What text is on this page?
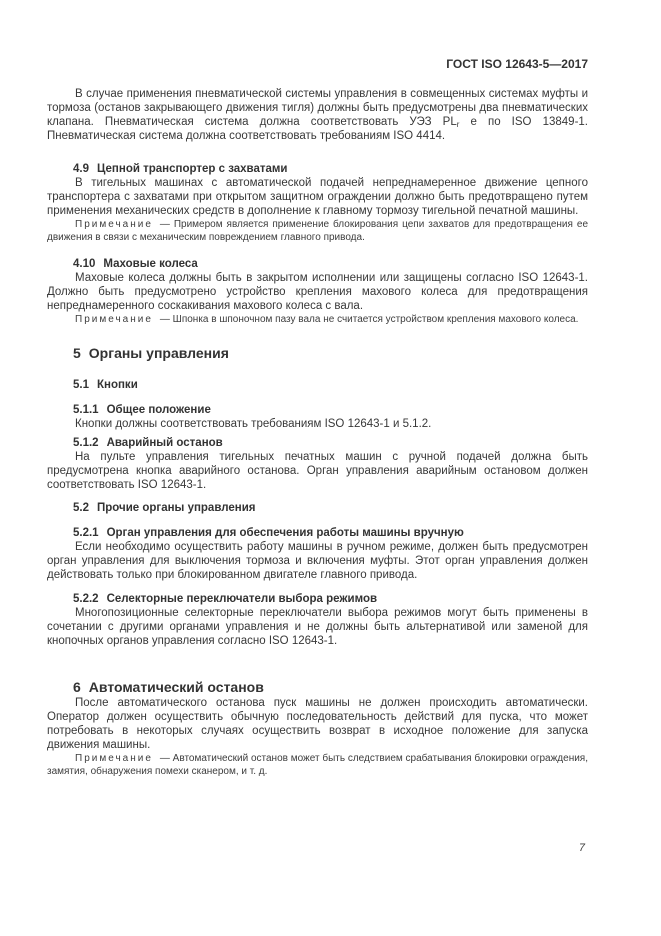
ГОСТ ISO 12643-5—2017

В случае применения пневматической системы управления в совмещенных системах муфты и тормоза (останов закрывающего движения тигля) должны быть предусмотрены два пневматических клапана. Пневматическая система должна соответствовать УЭЗ $PL_r$ е по ISO 13849-1. Пневматическая система должна соответствовать требованиям ISO 4414.

4.9 Цепной транспортер с захватами

В тигельных машинах с автоматической подачей непреднамеренное движение цепного транспортера с захватами при открытом защитном ограждении должно быть предотвращено путем применения механических средств в дополнение к главному тормозу тигельной печатной машины.

Примечание — Примером является применение блокирования цепи захватов для предотвращения ее движения в связи с механическим повреждением главного привода.

4.10 Маховые колеса

Маховые колеса должны быть в закрытом исполнении или защищены согласно ISO 12643-1. Должно быть предусмотрено устройство крепления махового колеса для предотвращения непреднамеренного соскакивания махового колеса с вала.

Примечание — Шпонка в шпоночном пазу вала не считается устройством крепления махового колеса.

5 Органы управления
5.1 Кнопки
5.1.1 Общее положение

Кнопки должны соответствовать требованиям ISO 12643-1 и 5.1.2.

5.1.2 Аварийный останов

На пульте управления тигельных печатных машин с ручной подачей должна быть предусмотрена кнопка аварийного останова. Орган управления аварийным остановом должен соответствовать ISO 12643-1.

5.2 Прочие органы управления
5.2.1 Орган управления для обеспечения работы машины вручную

Если необходимо осуществить работу машины в ручном режиме, должен быть предусмотрен орган управления для выключения тормоза и включения муфты. Этот орган управления должен действовать только при блокированном двигателе главного привода.

5.2.2 Селекторные переключатели выбора режимов

Многопозиционные селекторные переключатели выбора режимов могут быть применены в сочетании с другими органами управления и не должны быть альтернативой или заменой для кнопочных органов управления согласно ISO 12643-1.

6 Автоматический останов

После автоматического останова пуск машины не должен происходить автоматически. Оператор должен осуществить обычную последовательность действий для пуска, что может потребовать в некоторых случаях осуществить возврат в исходное положение для запуска движения машины.

Примечание — Автоматический останов может быть следствием срабатывания блокировки ограждения, замятия, обнаружения помехи сканером, и т. д.

7
